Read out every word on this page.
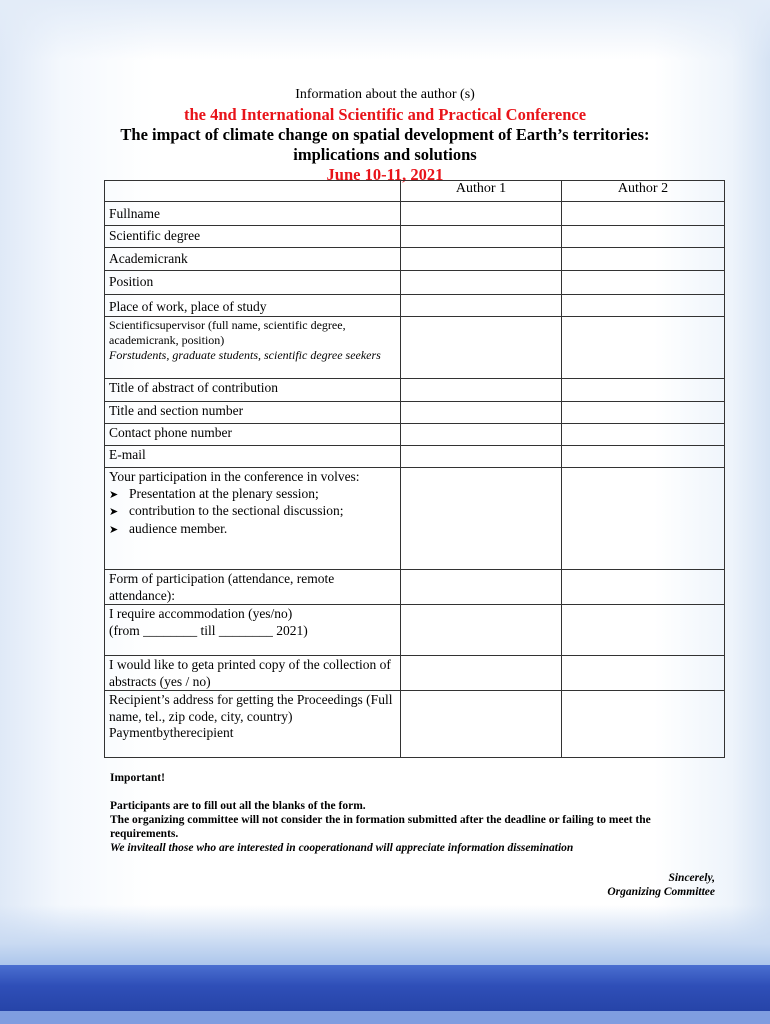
Information about the author (s)
the 4nd International Scientific and Practical Conference
The impact of climate change on spatial development of Earth’s territories:
implications and solutions
June 10-11, 2021
	Author 1	Author 2
Fullname		
Scientific degree		
Academicrank		
Position		
Place of work, place of study		

Scientificsupervisor (full name, scientific degree,
academicrank, position)
Forstudents, graduate students, scientific degree seekers		

Title of abstract of contribution		
Title and section number		
Contact phone number		
E-mail		

Your participation in the conference in volves:
➤ Presentation at the plenary session;
➤ contribution to the sectional discussion;
➤ audience member.		

Form of participation (attendance, remote attendance):		

I require accommodation (yes/no)
(from ________ till ________ 2021)		

I would like to geta printed copy of the collection of abstracts (yes / no)		

Recipient’s address for getting the Proceedings (Full name, tel., zip code, city, country)
Paymentbytherecipient		

Important!

Participants are to fill out all the blanks of the form.

The organizing committee will not consider the in formation submitted after the deadline or failing to meet the requirements.

We inviteall those who are interested in cooperationand will appreciate information dissemination

Sincerely,
Organizing Committee
